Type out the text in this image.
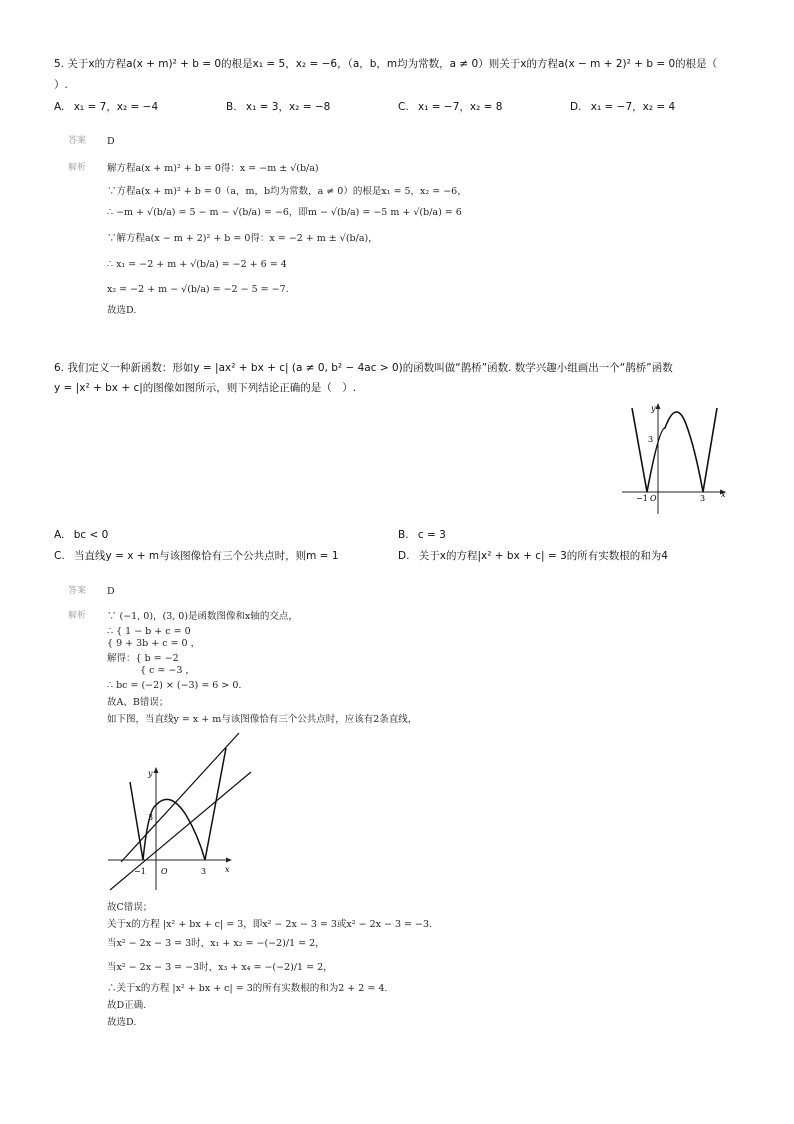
5. 关于x的方程a(x + m)² + b = 0的根是x₁ = 5，x₂ = −6，（a，b，m均为常数，a ≠ 0）则关于x的方程a(x − m + 2)² + b = 0的根是（
）.
A. x₁ = 7，x₂ = −4	B. x₁ = 3，x₂ = −8	C. x₁ = −7，x₂ = 8	D. x₁ = −7，x₂ = 4
答案 D
解析 解方程a(x + m)² + b = 0得：x = −m ± √(b/a)
∵方程a(x + m)² + b = 0（a，m，b均为常数，a ≠ 0）的根是x₁ = 5，x₂ = −6，
∴ −m + √(b/a) = 5 − m − √(b/a) = −6，即m − √(b/a) = −5 m + √(b/a) = 6
∵解方程a(x − m + 2)² + b = 0得：x = −2 + m ± √(b/a)，
∴ x₁ = −2 + m + √(b/a) = −2 + 6 = 4
x₂ = −2 + m − √(b/a) = −2 − 5 = −7.
故选D.
6. 我们定义一种新函数：形如y = |ax² + bx + c| (a ≠ 0, b² − 4ac > 0)的函数叫做“鹊桥”函数. 数学兴趣小组画出一个“鹊桥”函数
y = |x² + bx + c|的图像如图所示，则下列结论正确的是（　）.
y
x
3
−1 O	3
A. bc < 0	B. c = 3
C. 当直线y = x + m与该图像恰有三个公共点时，则m = 1	D. 关于x的方程|x² + bx + c| = 3的所有实数根的和为4
答案 D
解析 ∵ (−1, 0)，(3, 0)是函数图像和x轴的交点，
∴ { 1 − b + c = 0
{ 9 + 3b + c = 0 ，
解得：{ b = −2
{ c = −3 ，
∴ bc = (−2) × (−3) = 6 > 0.
故A、B错误；
如下图，当直线y = x + m与该图像恰有三个公共点时，应该有2条直线，
y
x
3
−1 O	3
故C错误；
关于x的方程 |x² + bx + c| = 3，即x² − 2x − 3 = 3或x² − 2x − 3 = −3.
当x² − 2x − 3 = 3时，x₁ + x₂ = −(−2)/1 = 2，
当x² − 2x − 3 = −3时，x₃ + x₄ = −(−2)/1 = 2，
∴关于x的方程 |x² + bx + c| = 3的所有实数根的和为2 + 2 = 4.
故D正确.
故选D.
